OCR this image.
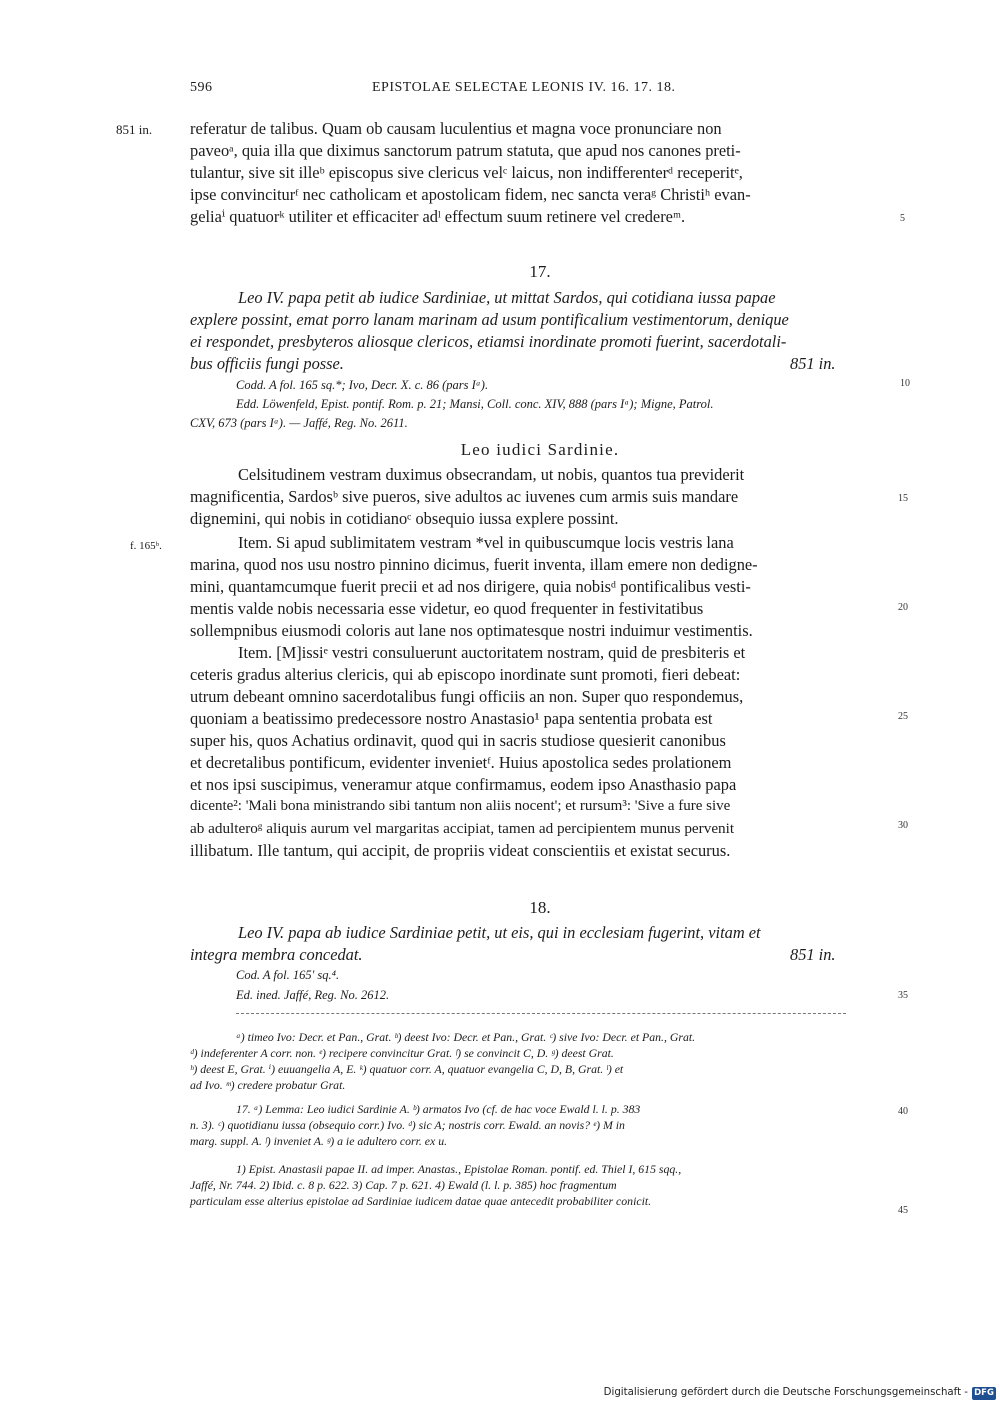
596	EPISTOLAE SELECTAE LEONIS IV. 16. 17. 18.
851 in. referatur de talibus. Quam ob causam luculentius et magna voce pronunciare non
paveoᵃ, quia illa que diximus sanctorum patrum statuta, que apud nos canones preti-
tulantur, sive sit illeᵇ episcopus sive clericus velᶜ laicus, non indifferenterᵈ receperitᵉ,
ipse convinciturᶠ nec catholicam et apostolicam fidem, nec sancta veraᵍ Christiʰ evan-
geliaⁱ quatuorᵏ utiliter et efficaciter adˡ effectum suum retinere vel credereᵐ.	5
10
15
20
25
30
35
40
45
17.
Leo IV. papa petit ab iudice Sardiniae, ut mittat Sardos, qui cotidiana iussa papae
explere possint, emat porro lanam marinam ad usum pontificalium vestimentorum, denique
ei respondet, presbyteros aliosque clericos, etiamsi inordinate promoti fuerint, sacerdotali-
bus officiis fungi posse.	851 in.
Codd. A fol. 165 sq.*; Ivo, Decr. X. c. 86 (pars Iᵃ).
Edd. Löwenfeld, Epist. pontif. Rom. p. 21; Mansi, Coll. conc. XIV, 888 (pars Iᵃ); Migne, Patrol.
CXV, 673 (pars Iᵃ). — Jaffé, Reg. No. 2611.
Leo iudici Sardinie.
f. 165ᵇ.
Celsitudinem vestram duximus obsecrandam, ut nobis, quantos tua previderit
magnificentia, Sardosᵇ sive pueros, sive adultos ac iuvenes cum armis suis mandare
dignemini, qui nobis in cotidianoᶜ obsequio iussa explere possint.
Item. Si apud sublimitatem vestram *vel in quibuscumque locis vestris lana
marina, quod nos usu nostro pinnino dicimus, fuerit inventa, illam emere non dedigne-
mini, quantamcumque fuerit precii et ad nos dirigere, quia nobisᵈ pontificalibus vesti-
mentis valde nobis necessaria esse videtur, eo quod frequenter in festivitatibus
sollempnibus eiusmodi coloris aut lane nos optimatesque nostri induimur vestimentis.
Item. [M]issiᵉ vestri consuluerunt auctoritatem nostram, quid de presbiteris et
ceteris gradus alterius clericis, qui ab episcopo inordinate sunt promoti, fieri debeat:
utrum debeant omnino sacerdotalibus fungi officiis an non. Super quo respondemus,
quoniam a beatissimo predecessore nostro Anastasio¹ papa sententia probata est
super his, quos Achatius ordinavit, quod qui in sacris studiose quesierit canonibus
et decretalibus pontificum, evidenter invenietᶠ. Huius apostolica sedes prolationem
et nos ipsi suscipimus, veneramur atque confirmamus, eodem ipso Anasthasio papa
dicente²: 'Mali bona ministrando sibi tantum non aliis nocent'; et rursum³: 'Sive a fure sive
ab adulteroᵍ aliquis aurum vel margaritas accipiat, tamen ad percipientem munus pervenit
illibatum. Ille tantum, qui accipit, de propriis videat conscientiis et existat securus.
18.
Leo IV. papa ab iudice Sardiniae petit, ut eis, qui in ecclesiam fugerint, vitam et
integra membra concedat.	851 in.
Cod. A fol. 165' sq.⁴.
Ed. ined. Jaffé, Reg. No. 2612.
ᵃ) timeo Ivo: Decr. et Pan., Grat. ᵇ) deest Ivo: Decr. et Pan., Grat. ᶜ) sive Ivo: Decr. et Pan., Grat.
ᵈ) indeferenter A corr. non. ᵉ) recipere convincitur Grat. ᶠ) se convincit C, D. ᵍ) deest Grat.
ʰ) deest E, Grat. ⁱ) euuangelia A, E. ᵏ) quatuor corr. A, quatuor evangelia C, D, B, Grat. ˡ) et
ad Ivo. ᵐ) credere probatur Grat.
17. ᵃ) Lemma: Leo iudici Sardinie A. ᵇ) armatos Ivo (cf. de hac voce Ewald l. l. p. 383
n. 3). ᶜ) quotidianu iussa (obsequio corr.) Ivo. ᵈ) sic A; nostris corr. Ewald. an novis? ᵉ) M in
marg. suppl. A. ᶠ) inveniet A. ᵍ) a ie adultero corr. ex u.
1) Epist. Anastasii papae II. ad imper. Anastas., Epistolae Roman. pontif. ed. Thiel I, 615 sqq.,
Jaffé, Nr. 744. 2) Ibid. c. 8 p. 622. 3) Cap. 7 p. 621. 4) Ewald (l. l. p. 385) hoc fragmentum
particulam esse alterius epistolae ad Sardiniae iudicem datae quae antecedit probabiliter conicit.
Digitalisierung gefördert durch die Deutsche Forschungsgemeinschaft - DFG
